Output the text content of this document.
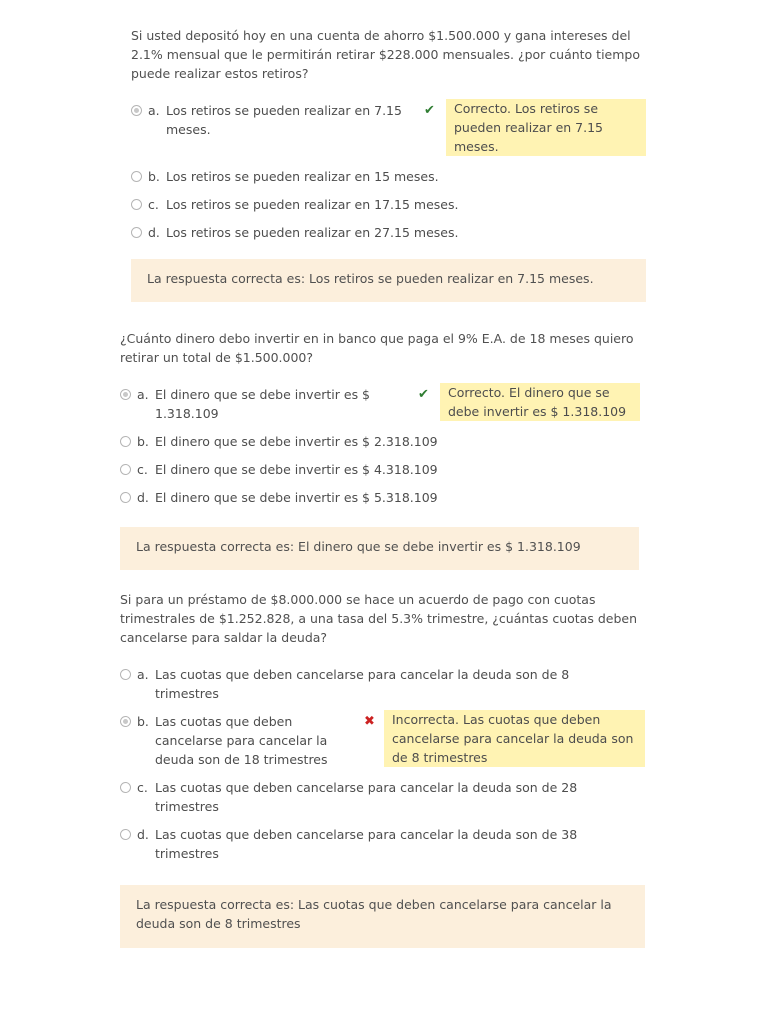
Si usted depositó hoy en una cuenta de ahorro $1.500.000 y gana intereses del 2.1% mensual que le permitirán retirar $228.000 mensuales. ¿por cuánto tiempo puede realizar estos retiros?

a. Los retiros se pueden realizar en 7.15 meses.
✔	Correcto. Los retiros se pueden realizar en 7.15 meses.
b. Los retiros se pueden realizar en 15 meses.
c. Los retiros se pueden realizar en 17.15 meses.
d. Los retiros se pueden realizar en 27.15 meses.
La respuesta correcta es: Los retiros se pueden realizar en 7.15 meses.

¿Cuánto dinero debo invertir en in banco que paga el 9% E.A. de 18 meses quiero retirar un total de $1.500.000?

a. El dinero que se debe invertir es $ 1.318.109
✔	Correcto. El dinero que se debe invertir es $ 1.318.109
b. El dinero que se debe invertir es $ 2.318.109
c. El dinero que se debe invertir es $ 4.318.109
d. El dinero que se debe invertir es $ 5.318.109
La respuesta correcta es: El dinero que se debe invertir es $ 1.318.109

Si para un préstamo de $8.000.000 se hace un acuerdo de pago con cuotas trimestrales de $1.252.828, a una tasa del 5.3% trimestre, ¿cuántas cuotas deben cancelarse para saldar la deuda?

a. Las cuotas que deben cancelarse para cancelar la deuda son de 8 trimestres
b. Las cuotas que deben cancelarse para cancelar la deuda son de 18 trimestres
✖	Incorrecta. Las cuotas que deben cancelarse para cancelar la deuda son de 8 trimestres
c. Las cuotas que deben cancelarse para cancelar la deuda son de 28 trimestres
d. Las cuotas que deben cancelarse para cancelar la deuda son de 38 trimestres
La respuesta correcta es: Las cuotas que deben cancelarse para cancelar la deuda son de 8 trimestres
